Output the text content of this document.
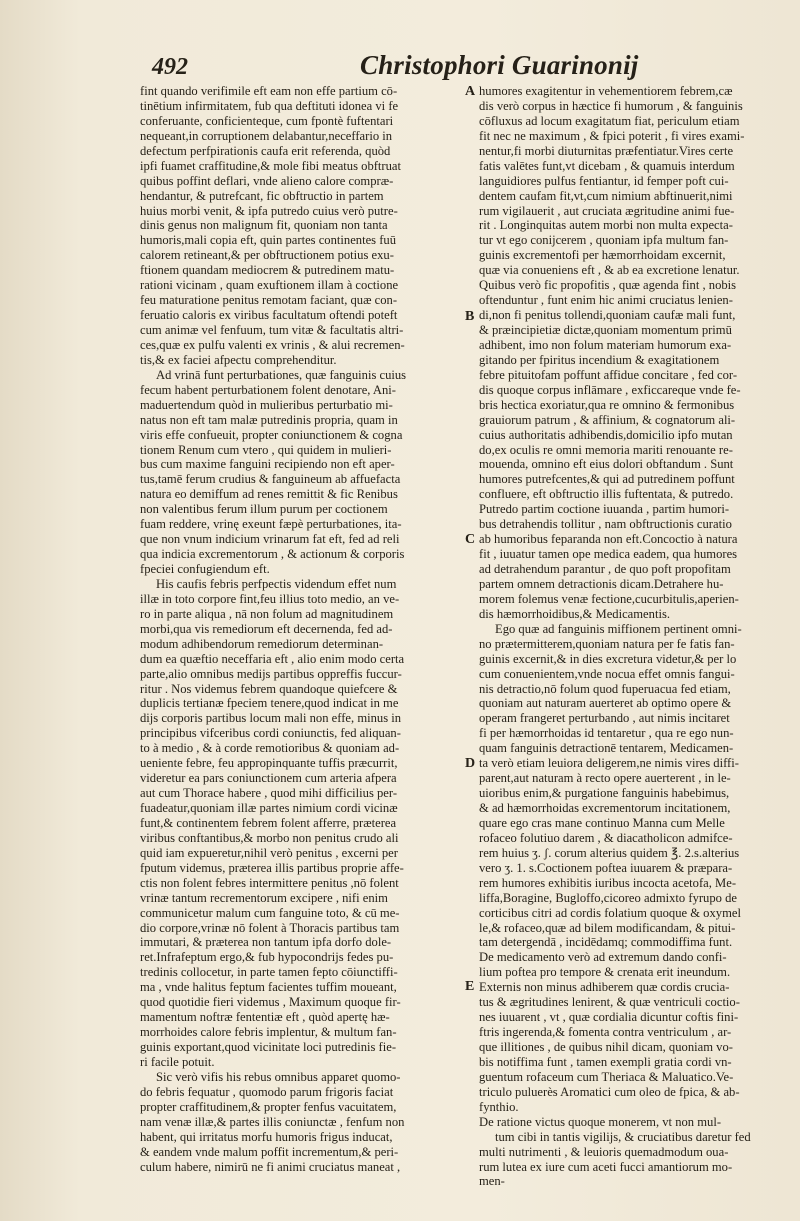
492	Christophori Guarinonij
fint quando verifimile eft eam non effe partium cō-
tinētium infirmitatem, fub qua deftituti idonea vi fe
conferuante, conficienteque, cum fpontè fuftentari
nequeant,in corruptionem delabantur,neceffario in
defectum perfpirationis caufa erit referenda, quòd
ipfi fuamet craffitudine,& mole fibi meatus obftruat
quibus poffint deflari, vnde alieno calore compræ-
hendantur, & putrefcant, fic obftructio in partem
huius morbi venit, & ipfa putredo cuius verò putre-
dinis genus non malignum fit, quoniam non tanta
humoris,mali copia eft, quin partes continentes fuū
calorem retineant,& per obftructionem potius exu-
ftionem quandam mediocrem & putredinem matu-
rationi vicinam , quam exuftionem illam à coctione
feu maturatione penitus remotam faciant, quæ con-
feruatio caloris ex viribus facultatum oftendi poteft
cum animæ vel fenfuum, tum vitæ & facultatis altri-
ces,quæ ex pulfu valenti ex vrinis , & alui recremen-
tis,& ex faciei afpectu comprehenditur.
Ad vrinā funt perturbationes, quæ fanguinis cuius
fecum habent perturbationem folent denotare, Ani-
maduertendum quòd in mulieribus perturbatio mi-
natus non eft tam malæ putredinis propria, quam in
viris effe confueuit, propter coniunctionem & cogna
tionem Renum cum vtero , qui quidem in mulieri-
bus cum maxime fanguini recipiendo non eft aper-
tus,tamē ferum crudius & fanguineum ab affuefacta
natura eo demiffum ad renes remittit & fic Renibus
non valentibus ferum illum purum per coctionem
fuam reddere, vrinę exeunt fæpè perturbationes, ita-
que non vnum indicium vrinarum fat eft, fed ad reli
qua indicia excrementorum , & actionum & corporis
fpeciei confugiendum eft.
His caufis febris perfpectis videndum effet num
illæ in toto corpore fint,feu illius toto medio, an ve-
ro in parte aliqua , nā non folum ad magnitudinem
morbi,qua vis remediorum eft decernenda, fed ad-
modum adhibendorum remediorum determinan-
dum ea quæftio neceffaria eft , alio enim modo certa
parte,alio omnibus medijs partibus oppreffis fuccur-
ritur . Nos videmus febrem quandoque quiefcere &
duplicis tertianæ fpeciem tenere,quod indicat in me
dijs corporis partibus locum mali non effe, minus in
principibus vifceribus cordi coniunctis, fed aliquan-
to à medio , & à corde remotioribus & quoniam ad-
ueniente febre, feu appropinquante tuffis præcurrit,
videretur ea pars coniunctionem cum arteria afpera
aut cum Thorace habere , quod mihi difficilius per-
fuadeatur,quoniam illæ partes nimium cordi vicinæ
funt,& continentem febrem folent afferre, præterea
viribus conftantibus,& morbo non penitus crudo ali
quid iam expueretur,nihil verò penitus , excerni per
fputum videmus, præterea illis partibus proprie affe-
ctis non folent febres intermittere penitus ,nō folent
vrinæ tantum recrementorum excipere , nifi enim
communicetur malum cum fanguine toto, & cū me-
dio corpore,vrinæ nō folent à Thoracis partibus tam
immutari, & præterea non tantum ipfa dorfo dole-
ret.Infrafeptum ergo,& fub hypocondrijs fedes pu-
tredinis collocetur, in parte tamen fepto cōiunctiffi-
ma , vnde halitus feptum facientes tuffim moueant,
quod quotidie fieri videmus , Maximum quoque fir-
mamentum noftræ fententiæ eft , quòd apertę hæ-
morrhoides calore febris implentur, & multum fan-
guinis exportant,quod vicinitate loci putredinis fie-
ri facile potuit.
Sic verò vifis his rebus omnibus apparet quomo-
do febris fequatur , quomodo parum frigoris faciat
propter craffitudinem,& propter fenfus vacuitatem,
nam venæ illæ,& partes illis coniunctæ , fenfum non
habent, qui irritatus morfu humoris frigus inducat,
& eandem vnde malum poffit incrementum,& peri-
culum habere, nimirū ne fi animi cruciatus maneat ,
A
B
C
D
E
humores exagitentur in vehementiorem febrem,cæ
dis verò corpus in hæctice fi humorum , & fanguinis
cōfluxus ad locum exagitatum fiat, periculum etiam
fit nec ne maximum , & fpici poterit , fi vires exami-
nentur,fi morbi diuturnitas præfentiatur.Vires certe
fatis valētes funt,vt dicebam , & quamuis interdum
languidiores pulfus fentiantur, id femper poft cui-
dentem caufam fit,vt,cum nimium abftinuerit,nimi
rum vigilauerit , aut cruciata ægritudine animi fue-
rit . Longinquitas autem morbi non multa expecta-
tur vt ego conijcerem , quoniam ipfa multum fan-
guinis excrementofi per hæmorrhoidam excernit,
quæ via conueniens eft , & ab ea excretione lenatur.
Quibus verò fic propofitis , quæ agenda fint , nobis
oftenduntur , funt enim hic animi cruciatus lenien-
di,non fi penitus tollendi,quoniam caufæ mali funt,
& præincipietiæ dictæ,quoniam momentum primū
adhibent, imo non folum materiam humorum exa-
gitando per fpiritus incendium & exagitationem
febre pituitofam poffunt affidue concitare , fed cor-
dis quoque corpus inflāmare , exficcareque vnde fe-
bris hectica exoriatur,qua re omnino & fermonibus
grauiorum patrum , & affinium, & cognatorum ali-
cuius authoritatis adhibendis,domicilio ipfo mutan
do,ex oculis re omni memoria mariti renouante re-
mouenda, omnino eft eius dolori obftandum . Sunt
humores putrefcentes,& qui ad putredinem poffunt
confluere, eft obftructio illis fuftentata, & putredo.
Putredo partim coctione iuuanda , partim humori-
bus detrahendis tollitur , nam obftructionis curatio
ab humoribus feparanda non eft.Concoctio à natura
fit , iuuatur tamen ope medica eadem, qua humores
ad detrahendum parantur , de quo poft propofitam
partem omnem detractionis dicam.Detrahere hu-
morem folemus venæ fectione,cucurbitulis,aperien-
dis hæmorrhoidibus,& Medicamentis.
Ego quæ ad fanguinis miffionem pertinent omni-
no prætermitterem,quoniam natura per fe fatis fan-
guinis excernit,& in dies excretura videtur,& per lo
cum conuenientem,vnde nocua effet omnis fangui-
nis detractio,nō folum quod fuperuacua fed etiam,
quoniam aut naturam auerteret ab optimo opere &
operam frangeret perturbando , aut nimis incitaret
fi per hæmorrhoidas id tentaretur , qua re ego nun-
quam fanguinis detractionē tentarem, Medicamen-
ta verò etiam leuiora deligerem,ne nimis vires diffi-
parent,aut naturam à recto opere auerterent , in le-
uioribus enim,& purgatione fanguinis habebimus,
& ad hæmorrhoidas excrementorum incitationem,
quare ego cras mane continuo Manna cum Melle
rofaceo folutiuo darem , & diacatholicon admifce-
rem huius ʒ. ʃ. corum alterius quidem ℥. 2.s.alterius
vero ʒ. 1. s.Coctionem poftea iuuarem & præpara-
rem humores exhibitis iuribus incocta acetofa, Me-
liffa,Boragine, Bugloffo,cicoreo admixto fyrupo de
corticibus citri ad cordis folatium quoque & oxymel
le,& rofaceo,quæ ad bilem modificandam, & pitui-
tam detergendā , incidēdamq; commodiffima funt.
De medicamento verò ad extremum dando confi-
lium poftea pro tempore & crenata erit ineundum.
Externis non minus adhiberem quæ cordis crucia-
tus & ægritudines lenirent, & quæ ventriculi coctio-
nes iuuarent , vt , quæ cordialia dicuntur coftis fini-
ftris ingerenda,& fomenta contra ventriculum , ar-
que illitiones , de quibus nihil dicam, quoniam vo-
bis notiffima funt , tamen exempli gratia cordi vn-
guentum rofaceum cum Theriaca & Maluatico.Ve-
triculo puluerès Aromatici cum oleo de fpica, & ab-
fynthio.
De ratione victus quoque monerem, vt non mul-
tum cibi in tantis vigilijs, & cruciatibus daretur fed
multi nutrimenti , & leuioris quemadmodum oua-
rum lutea ex iure cum aceti fucci amantiorum mo-
men-
